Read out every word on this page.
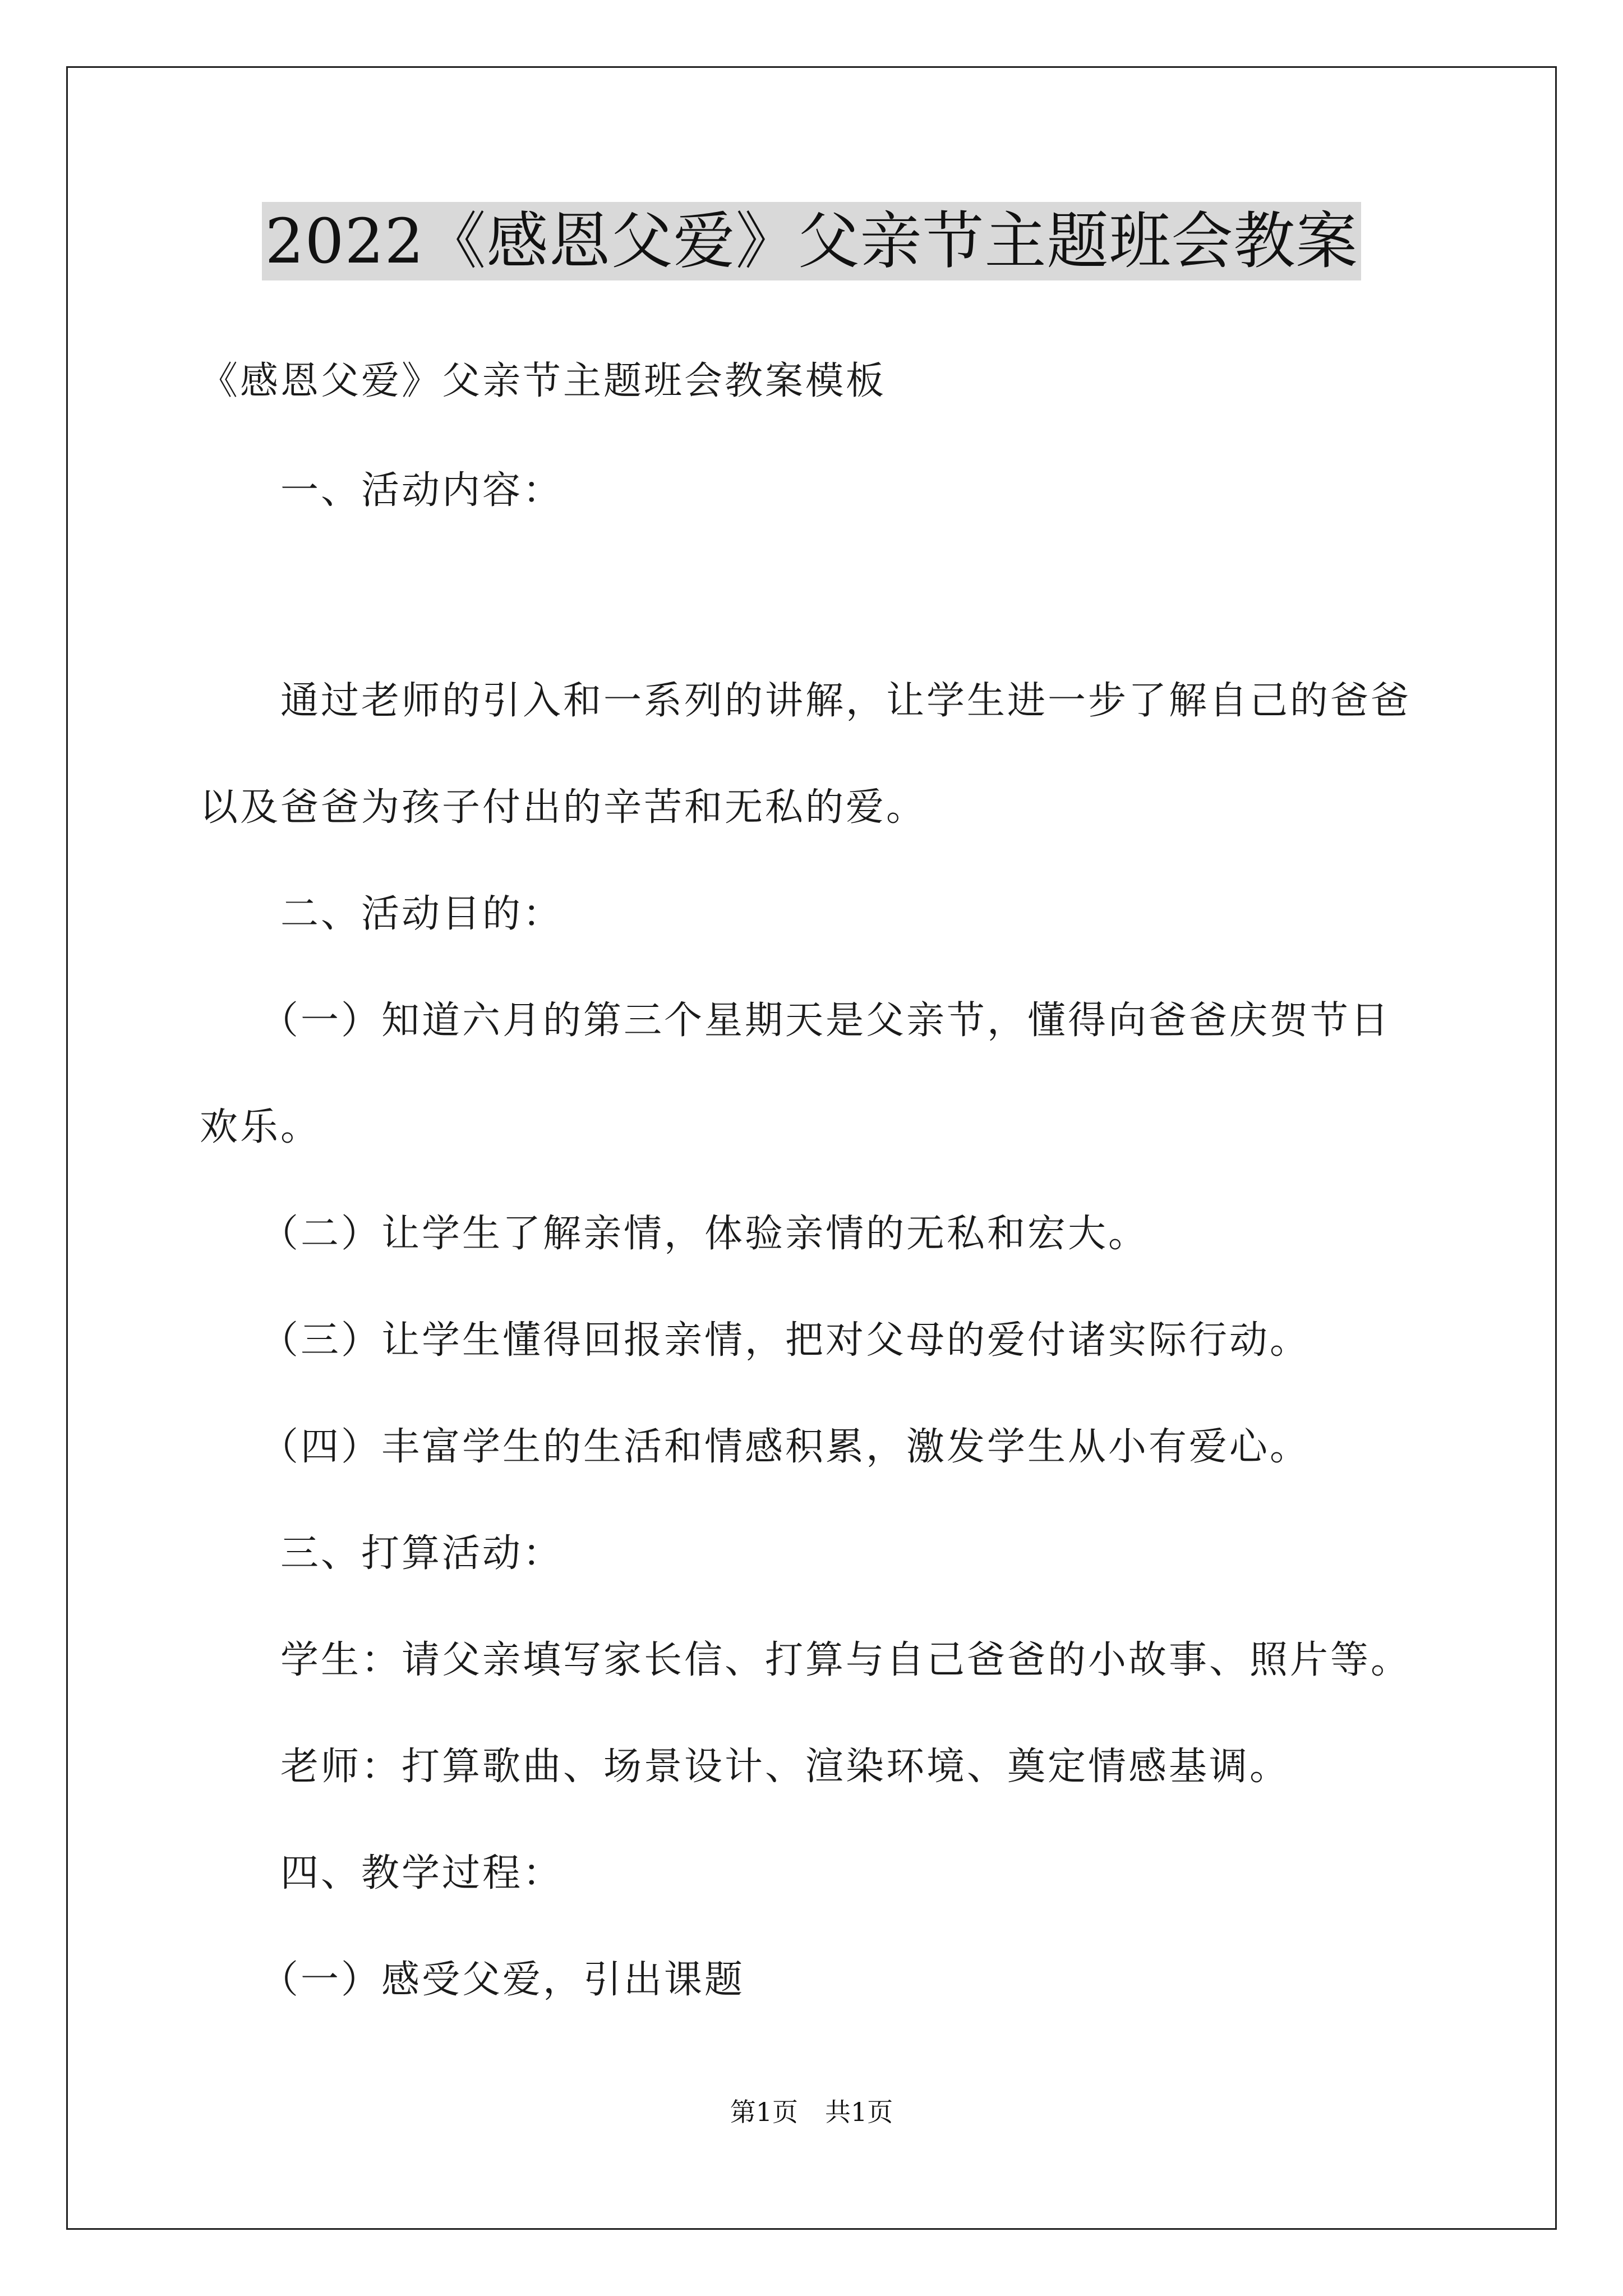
2022《感恩父爱》父亲节主题班会教案
《感恩父爱》父亲节主题班会教案模板
一、活动内容：
通过老师的引入和一系列的讲解，让学生进一步了解自己的爸爸
以及爸爸为孩子付出的辛苦和无私的爱。
二、活动目的：
（一）知道六月的第三个星期天是父亲节，懂得向爸爸庆贺节日
欢乐。
（二）让学生了解亲情，体验亲情的无私和宏大。
（三）让学生懂得回报亲情，把对父母的爱付诸实际行动。
（四）丰富学生的生活和情感积累，激发学生从小有爱心。
三、打算活动：
学生：请父亲填写家长信、打算与自己爸爸的小故事、照片等。
老师：打算歌曲、场景设计、渲染环境、奠定情感基调。
四、教学过程：
（一）感受父爱，引出课题
第1页 共1页
